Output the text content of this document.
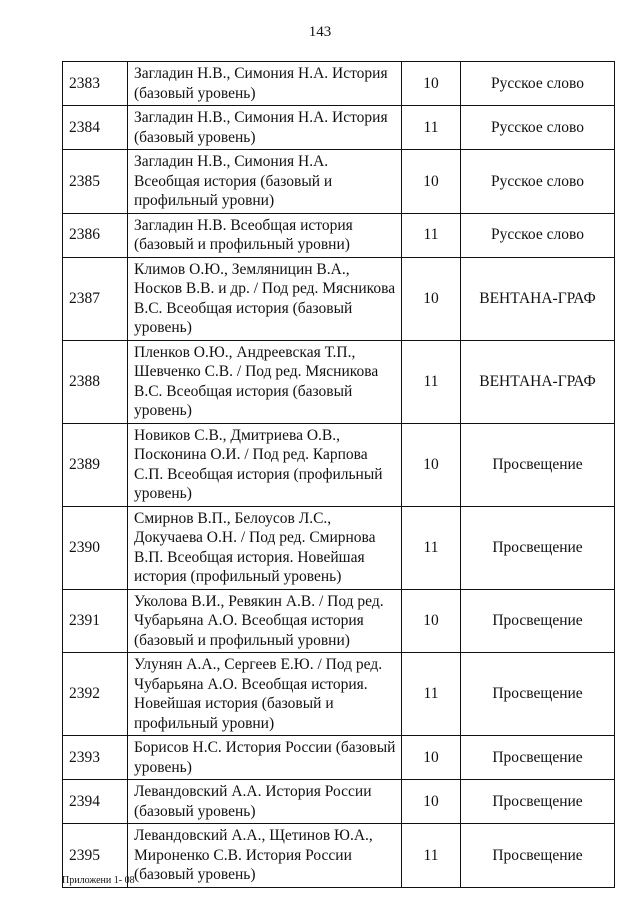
143
2383	Загладин Н.В., Симония Н.А. История (базовый уровень)	10	Русское слово
2384	Загладин Н.В., Симония Н.А. История (базовый уровень)	11	Русское слово
2385	Загладин Н.В., Симония Н.А. Всеобщая история (базовый и профильный уровни)	10	Русское слово
2386	Загладин Н.В. Всеобщая история (базовый и профильный уровни)	11	Русское слово
2387	Климов О.Ю., Земляницин В.А., Носков В.В. и др. / Под ред. Мясникова В.С. Всеобщая история (базовый уровень)	10	ВЕНТАНА-ГРАФ
2388	Пленков О.Ю., Андреевская Т.П., Шевченко С.В. / Под ред. Мясникова В.С. Всеобщая история (базовый уровень)	11	ВЕНТАНА-ГРАФ
2389	Новиков С.В., Дмитриева О.В., Посконина О.И. / Под ред. Карпова С.П. Всеобщая история (профильный уровень)	10	Просвещение
2390	Смирнов В.П., Белоусов Л.С., Докучаева О.Н. / Под ред. Смирнова В.П. Всеобщая история. Новейшая история (профильный уровень)	11	Просвещение
2391	Уколова В.И., Ревякин А.В. / Под ред. Чубарьяна А.О. Всеобщая история (базовый и профильный уровни)	10	Просвещение
2392	Улунян А.А., Сергеев Е.Ю. / Под ред. Чубарьяна А.О. Всеобщая история. Новейшая история (базовый и профильный уровни)	11	Просвещение
2393	Борисов Н.С. История России (базовый уровень)	10	Просвещение
2394	Левандовский А.А. История России (базовый уровень)	10	Просвещение
2395	Левандовский А.А., Щетинов Ю.А., Мироненко С.В. История России (базовый уровень)	11	Просвещение
Приложени 1- 08
